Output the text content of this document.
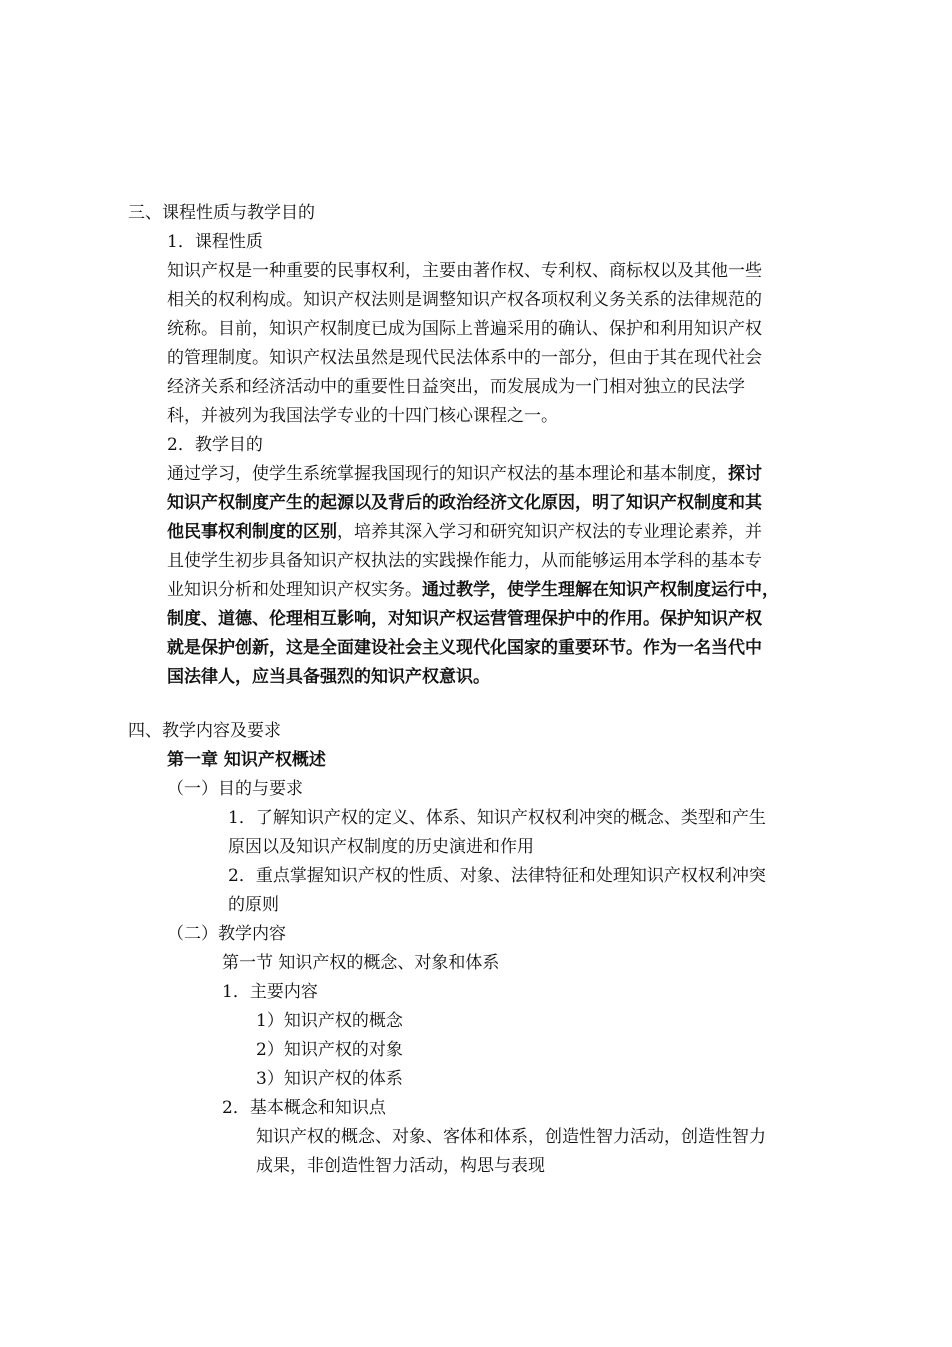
三、课程性质与教学目的
1．课程性质
知识产权是一种重要的民事权利，主要由著作权、专利权、商标权以及其他一些
相关的权利构成。知识产权法则是调整知识产权各项权利义务关系的法律规范的
统称。目前，知识产权制度已成为国际上普遍采用的确认、保护和利用知识产权
的管理制度。知识产权法虽然是现代民法体系中的一部分，但由于其在现代社会
经济关系和经济活动中的重要性日益突出，而发展成为一门相对独立的民法学
科，并被列为我国法学专业的十四门核心课程之一。
2．教学目的
通过学习，使学生系统掌握我国现行的知识产权法的基本理论和基本制度，探讨
知识产权制度产生的起源以及背后的政治经济文化原因，明了知识产权制度和其
他民事权利制度的区别，培养其深入学习和研究知识产权法的专业理论素养，并
且使学生初步具备知识产权执法的实践操作能力，从而能够运用本学科的基本专
业知识分析和处理知识产权实务。通过教学，使学生理解在知识产权制度运行中，
制度、道德、伦理相互影响，对知识产权运营管理保护中的作用。保护知识产权
就是保护创新，这是全面建设社会主义现代化国家的重要环节。作为一名当代中
国法律人，应当具备强烈的知识产权意识。
四、教学内容及要求
第一章 知识产权概述
（一）目的与要求
1．了解知识产权的定义、体系、知识产权权利冲突的概念、类型和产生
原因以及知识产权制度的历史演进和作用
2．重点掌握知识产权的性质、对象、法律特征和处理知识产权权利冲突
的原则
（二）教学内容
第一节 知识产权的概念、对象和体系
1．主要内容
1）知识产权的概念
2）知识产权的对象
3）知识产权的体系
2．基本概念和知识点
知识产权的概念、对象、客体和体系，创造性智力活动，创造性智力
成果，非创造性智力活动，构思与表现
